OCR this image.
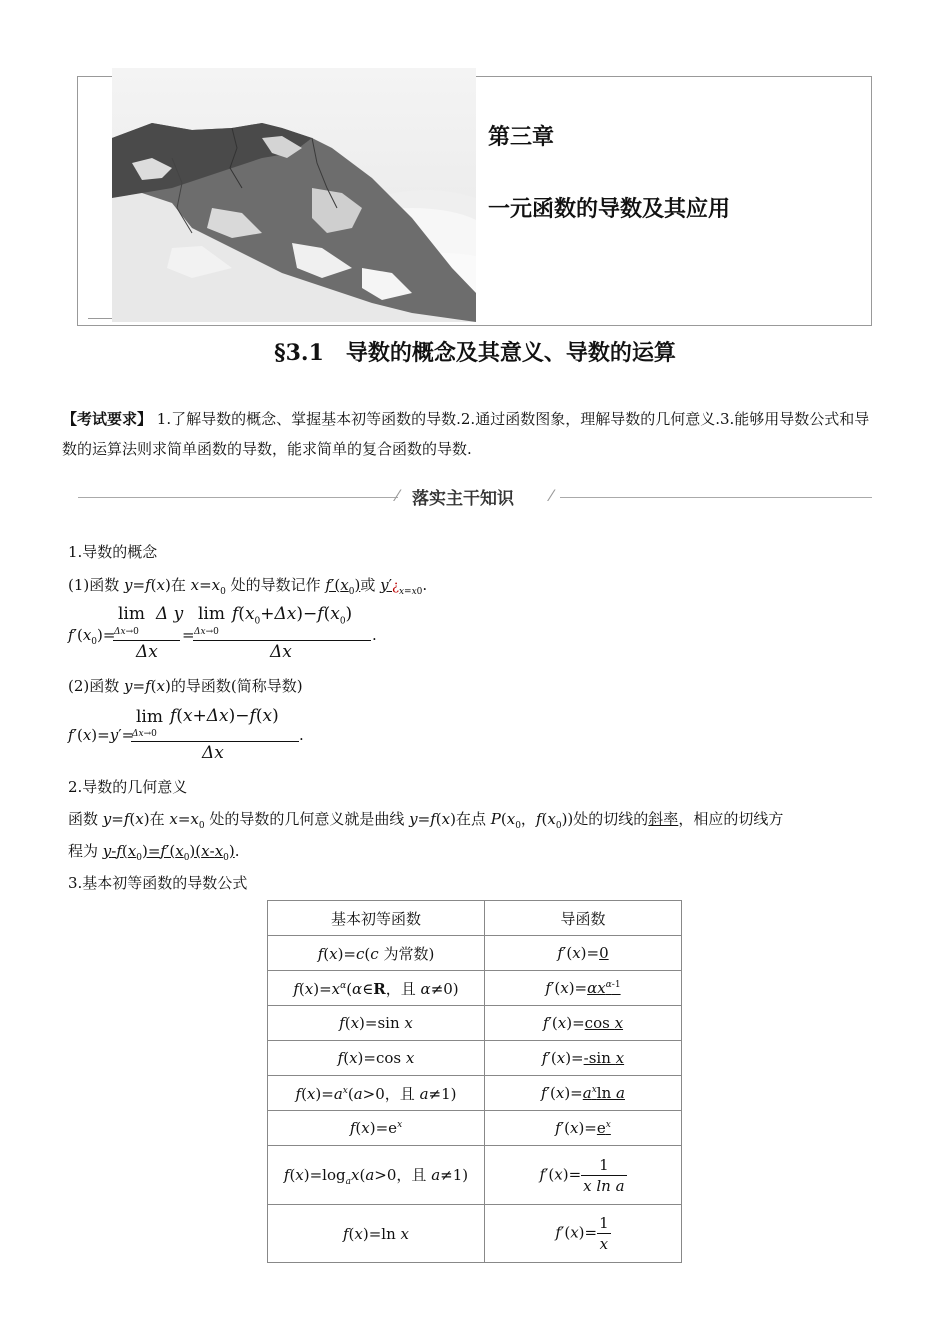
第三章
一元函数的导数及其应用
§3.1　导数的概念及其意义、导数的运算
【考试要求】 1.了解导数的概念、掌握基本初等函数的导数.2.通过函数图象，理解导数的几何意义.3.能够用导数公式和导数的运算法则求简单函数的导数，能求简单的复合函数的导数.
⁄ 落实主干知识 ⁄
1.导数的概念
(1)函数 y=f(x)在 $x=x_0$ 处的导数记作 $f'(x_0)$或 $y'¿_{x=x0}$.
$f'(x_0)=$
lim
Δx→0
Δ y
Δx
=
lim
Δx→0
$f(x_0+\Delta x)-f(x_0)$
Δx
.
(2)函数 y=f(x)的导函数(简称导数)
f′(x)=y′=
lim
Δx→0
f(x+Δx)−f(x)
Δx
.
2.导数的几何意义
函数 y=f(x)在 $x=x_0$ 处的导数的几何意义就是曲线 y=f(x)在点 $P(x_0$，$f(x_0)$)处的切线的斜率，相应的切线方
程为 $y-f(x_0)=f'(x_0)(x-x_0)$.
3.基本初等函数的导数公式
基本初等函数	导函数
f(x)=c(c 为常数)	f′(x)=0
$f(x)=x^\alpha(\alpha\in R$，且 α≠0)	$f'(x)=\alpha x^{\alpha-1}$
f(x)=sin x	f′(x)=cos x
f(x)=cos x	f′(x)=-sin x
$f(x)=a^x(a>0$，且 a≠1)	$f'(x)=a^x\ln$ a
$f(x)=e^x$	$f'(x)=e^x$
$f(x)=\log_ax(a>0$，且 a≠1)	$f'(x)= \frac{1}{\text{x ln a}}$

f(x)=ln x	$f'(x)= \frac{1}{x}$
